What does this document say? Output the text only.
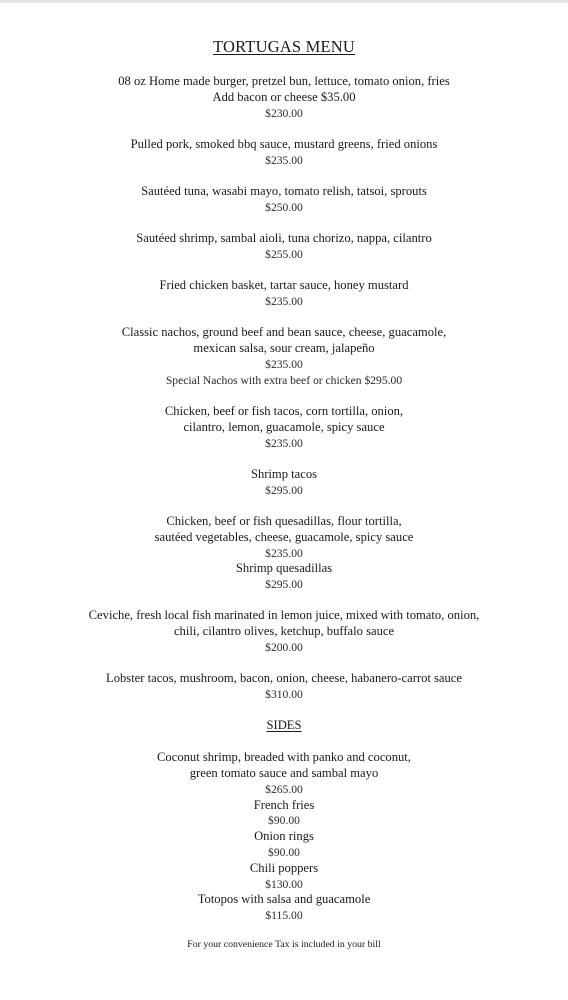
TORTUGAS MENU
08 oz Home made burger, pretzel bun, lettuce, tomato onion, fries
Add bacon or cheese $35.00
$230.00
Pulled pork, smoked bbq sauce, mustard greens, fried onions
$235.00
Sautéed tuna, wasabi mayo, tomato relish, tatsoi, sprouts
$250.00
Sautéed shrimp, sambal aioli, tuna chorizo, nappa, cilantro
$255.00
Fried chicken basket, tartar sauce, honey mustard
$235.00
Classic nachos, ground beef and bean sauce, cheese, guacamole,
mexican salsa, sour cream, jalapeño
$235.00
Special Nachos with extra beef or chicken $295.00
Chicken, beef or fish tacos, corn tortilla, onion,
cilantro, lemon, guacamole, spicy sauce
$235.00
Shrimp tacos
$295.00
Chicken, beef or fish quesadillas, flour tortilla,
sautéed vegetables, cheese, guacamole, spicy sauce
$235.00
Shrimp quesadillas
$295.00
Ceviche, fresh local fish marinated in lemon juice, mixed with tomato, onion,
chili, cilantro olives, ketchup, buffalo sauce
$200.00
Lobster tacos, mushroom, bacon, onion, cheese, habanero-carrot sauce
$310.00
SIDES
Coconut shrimp, breaded with panko and coconut,
green tomato sauce and sambal mayo
$265.00
French fries
$90.00
Onion rings
$90.00
Chili poppers
$130.00
Totopos with salsa and guacamole
$115.00
For your convenience Tax is included in your bill
